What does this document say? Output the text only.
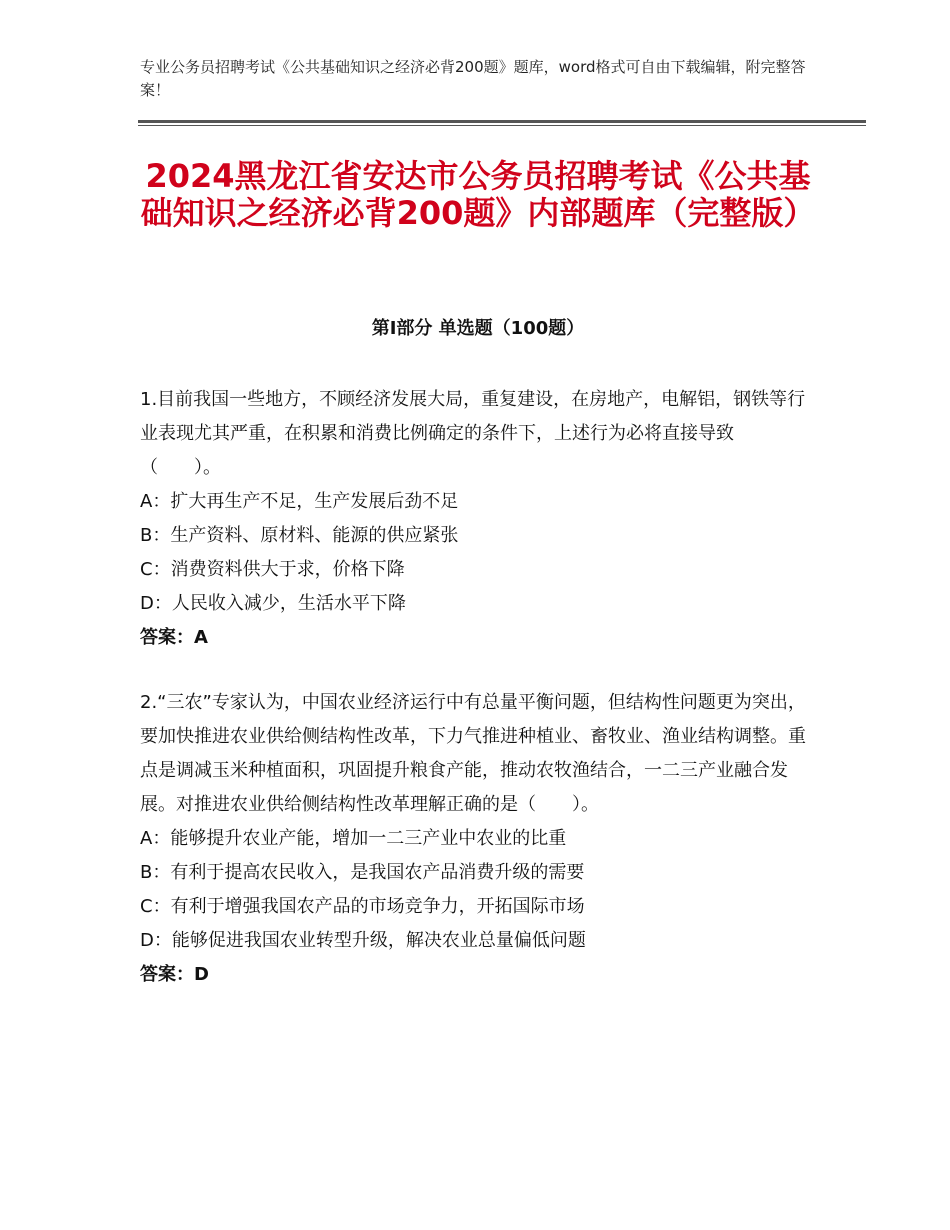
专业公务员招聘考试《公共基础知识之经济必背200题》题库，word格式可自由下载编辑，附完整答案！
2024黑龙江省安达市公务员招聘考试《公共基础知识之经济必背200题》内部题库（完整版）
第Ⅰ部分 单选题（100题）

1.目前我国一些地方，不顾经济发展大局，重复建设，在房地产，电解铝，钢铁等行业表现尤其严重，在积累和消费比例确定的条件下，上述行为必将直接导致（　　）。

A：扩大再生产不足，生产发展后劲不足

B：生产资料、原材料、能源的供应紧张

C：消费资料供大于求，价格下降

D：人民收入减少，生活水平下降

答案：A

2.“三农”专家认为，中国农业经济运行中有总量平衡问题，但结构性问题更为突出，要加快推进农业供给侧结构性改革，下力气推进种植业、畜牧业、渔业结构调整。重点是调减玉米种植面积，巩固提升粮食产能，推动农牧渔结合，一二三产业融合发展。对推进农业供给侧结构性改革理解正确的是（　　）。

A：能够提升农业产能，增加一二三产业中农业的比重

B：有利于提高农民收入，是我国农产品消费升级的需要

C：有利于增强我国农产品的市场竞争力，开拓国际市场

D：能够促进我国农业转型升级，解决农业总量偏低问题

答案：D
